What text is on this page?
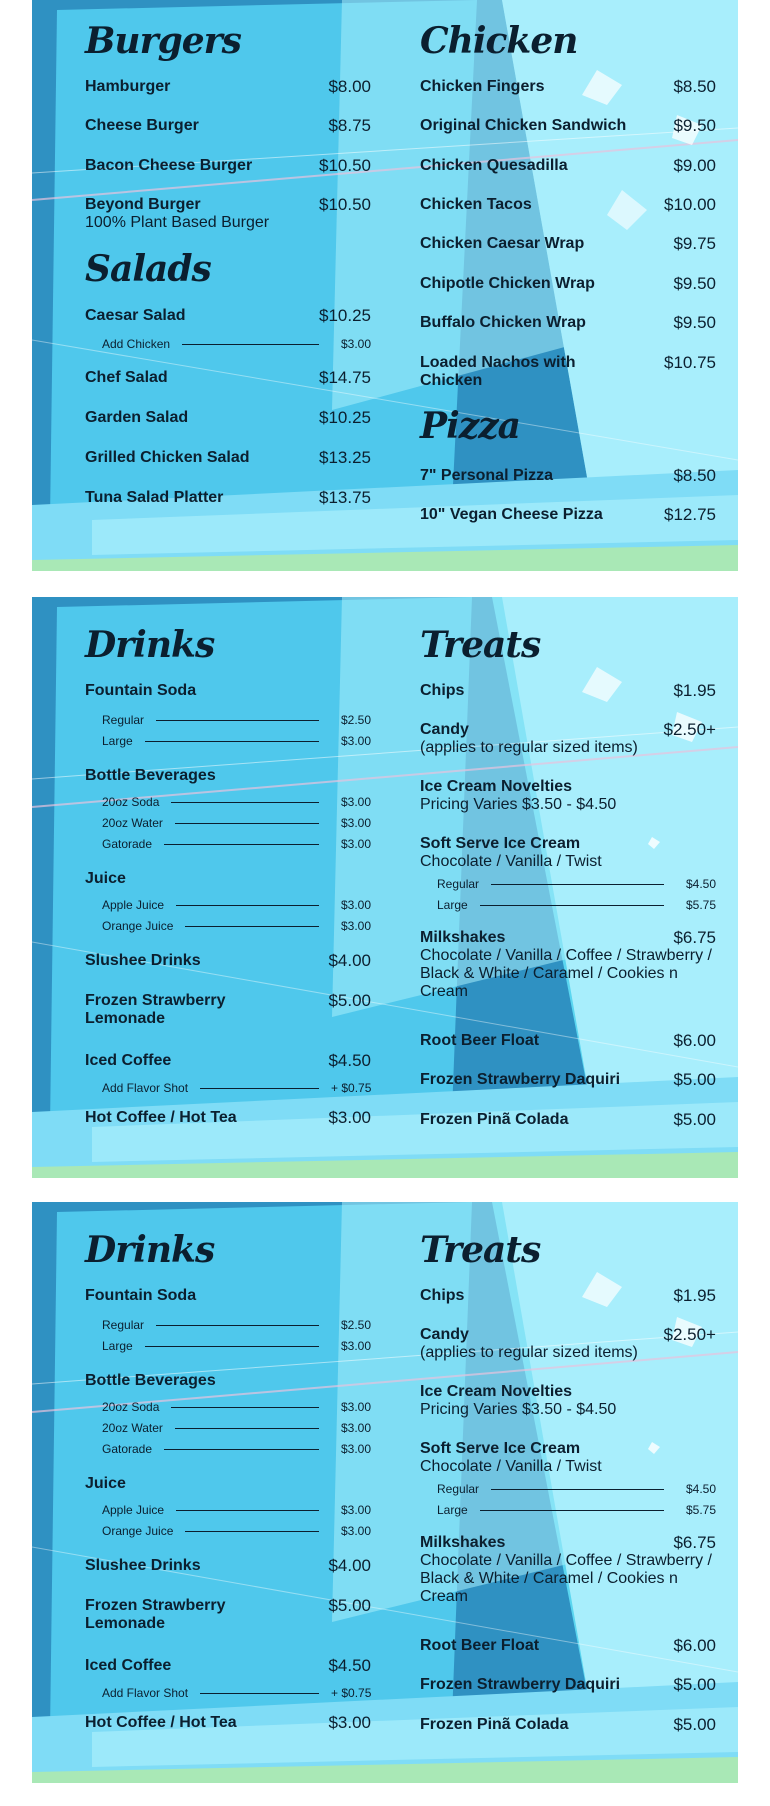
Burgers
Hamburger	$8.00
Cheese Burger	$8.75
Bacon Cheese Burger	$10.50
Beyond Burger	$10.50
100% Plant Based Burger
Salads
Caesar Salad	$10.25
Add Chicken	$3.00
Chef Salad	$14.75
Garden Salad	$10.25
Grilled Chicken Salad	$13.25
Tuna Salad Platter	$13.75
Chicken
Chicken Fingers	$8.50
Original Chicken Sandwich	$9.50
Chicken Quesadilla	$9.00
Chicken Tacos	$10.00
Chicken Caesar Wrap	$9.75
Chipotle Chicken Wrap	$9.50
Buffalo Chicken Wrap	$9.50
Loaded Nachos with Chicken
$10.75
Pizza
7" Personal Pizza	$8.50
10" Vegan Cheese Pizza	$12.75
Drinks
Fountain Soda
Regular	$2.50
Large	$3.00
Bottle Beverages
20oz Soda	$3.00
20oz Water	$3.00
Gatorade	$3.00
Juice
Apple Juice	$3.00
Orange Juice	$3.00
Slushee Drinks	$4.00
Frozen Strawberry Lemonade
$5.00
Iced Coffee	$4.50
Add Flavor Shot	+ $0.75
Hot Coffee / Hot Tea	$3.00
Treats
Chips	$1.95
Candy	$2.50+
(applies to regular sized items)
Ice Cream Novelties
Pricing Varies $3.50 - $4.50
Soft Serve Ice Cream
Chocolate / Vanilla / Twist
Regular	$4.50
Large	$5.75
Milkshakes	$6.75
Chocolate / Vanilla / Coffee / Strawberry / Black & White / Caramel / Cookies n Cream
Root Beer Float	$6.00
Frozen Strawberry Daquiri	$5.00
Frozen Pinã Colada	$5.00
Drinks
Fountain Soda
Regular	$2.50
Large	$3.00
Bottle Beverages
20oz Soda	$3.00
20oz Water	$3.00
Gatorade	$3.00
Juice
Apple Juice	$3.00
Orange Juice	$3.00
Slushee Drinks	$4.00
Frozen Strawberry Lemonade
$5.00
Iced Coffee	$4.50
Add Flavor Shot	+ $0.75
Hot Coffee / Hot Tea	$3.00
Treats
Chips	$1.95
Candy	$2.50+
(applies to regular sized items)
Ice Cream Novelties
Pricing Varies $3.50 - $4.50
Soft Serve Ice Cream
Chocolate / Vanilla / Twist
Regular	$4.50
Large	$5.75
Milkshakes	$6.75
Chocolate / Vanilla / Coffee / Strawberry / Black & White / Caramel / Cookies n Cream
Root Beer Float	$6.00
Frozen Strawberry Daquiri	$5.00
Frozen Pinã Colada	$5.00
